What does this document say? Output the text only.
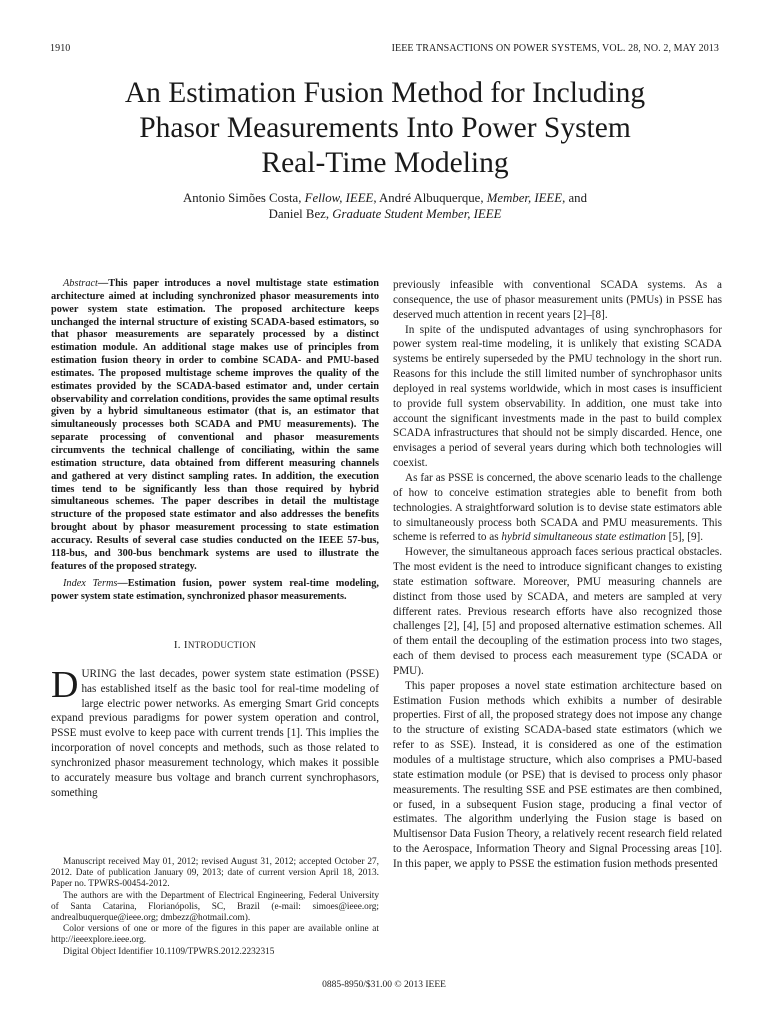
1910	IEEE TRANSACTIONS ON POWER SYSTEMS, VOL. 28, NO. 2, MAY 2013
An Estimation Fusion Method for Including
Phasor Measurements Into Power System
Real-Time Modeling
Antonio Simões Costa, Fellow, IEEE, André Albuquerque, Member, IEEE, and
Daniel Bez, Graduate Student Member, IEEE

Abstract—This paper introduces a novel multistage state estimation architecture aimed at including synchronized phasor measurements into power system state estimation. The proposed architecture keeps unchanged the internal structure of existing SCADA-based estimators, so that phasor measurements are separately processed by a distinct estimation module. An additional stage makes use of principles from estimation fusion theory in order to combine SCADA- and PMU-based estimates. The proposed multistage scheme improves the quality of the estimates provided by the SCADA-based estimator and, under certain observability and correlation conditions, provides the same optimal results given by a hybrid simultaneous estimator (that is, an estimator that simultaneously processes both SCADA and PMU measurements). The separate processing of conventional and phasor measurements circumvents the technical challenge of conciliating, within the same estimation structure, data obtained from different measuring channels and gathered at very distinct sampling rates. In addition, the execution times tend to be significantly less than those required by hybrid simultaneous schemes. The paper describes in detail the multistage structure of the proposed state estimator and also addresses the benefits brought about by phasor measurement processing to state estimation accuracy. Results of several case studies conducted on the IEEE 57-bus, 118-bus, and 300-bus benchmark systems are used to illustrate the features of the proposed strategy.

Index Terms—Estimation fusion, power system real-time modeling, power system state estimation, synchronized phasor measurements.

I. INTRODUCTION

DURING the last decades, power system state estimation (PSSE) has established itself as the basic tool for real-time modeling of large electric power networks. As emerging Smart Grid concepts expand previous paradigms for power system operation and control, PSSE must evolve to keep pace with current trends [1]. This implies the incorporation of novel concepts and methods, such as those related to synchronized phasor measurement technology, which makes it possible to accurately measure bus voltage and branch current synchrophasors, something

Manuscript received May 01, 2012; revised August 31, 2012; accepted October 27, 2012. Date of publication January 09, 2013; date of current version April 18, 2013. Paper no. TPWRS-00454-2012.

The authors are with the Department of Electrical Engineering, Federal University of Santa Catarina, Florianópolis, SC, Brazil (e-mail: simoes@ieee.org; andrealbuquerque@ieee.org; dmbezz@hotmail.com).

Color versions of one or more of the figures in this paper are available online at http://ieeexplore.ieee.org.

Digital Object Identifier 10.1109/TPWRS.2012.2232315

previously infeasible with conventional SCADA systems. As a consequence, the use of phasor measurement units (PMUs) in PSSE has deserved much attention in recent years [2]–[8].

In spite of the undisputed advantages of using synchrophasors for power system real-time modeling, it is unlikely that existing SCADA systems be entirely superseded by the PMU technology in the short run. Reasons for this include the still limited number of synchrophasor units deployed in real systems worldwide, which in most cases is insufficient to provide full system observability. In addition, one must take into account the significant investments made in the past to build complex SCADA infrastructures that should not be simply discarded. Hence, one envisages a period of several years during which both technologies will coexist.

As far as PSSE is concerned, the above scenario leads to the challenge of how to conceive estimation strategies able to benefit from both technologies. A straightforward solution is to devise state estimators able to simultaneously process both SCADA and PMU measurements. This scheme is referred to as hybrid simultaneous state estimation [5], [9].

However, the simultaneous approach faces serious practical obstacles. The most evident is the need to introduce significant changes to existing state estimation software. Moreover, PMU measuring channels are distinct from those used by SCADA, and meters are sampled at very different rates. Previous research efforts have also recognized those challenges [2], [4], [5] and proposed alternative estimation schemes. All of them entail the decoupling of the estimation process into two stages, each of them devised to process each measurement type (SCADA or PMU).

This paper proposes a novel state estimation architecture based on Estimation Fusion methods which exhibits a number of desirable properties. First of all, the proposed strategy does not impose any change to the structure of existing SCADA-based state estimators (which we refer to as SSE). Instead, it is considered as one of the estimation modules of a multistage structure, which also comprises a PMU-based state estimation module (or PSE) that is devised to process only phasor measurements. The resulting SSE and PSE estimates are then combined, or fused, in a subsequent Fusion stage, producing a final vector of estimates. The algorithm underlying the Fusion stage is based on Multisensor Data Fusion Theory, a relatively recent research field related to the Aerospace, Information Theory and Signal Processing areas [10]. In this paper, we apply to PSSE the estimation fusion methods presented

0885-8950/$31.00 © 2013 IEEE
